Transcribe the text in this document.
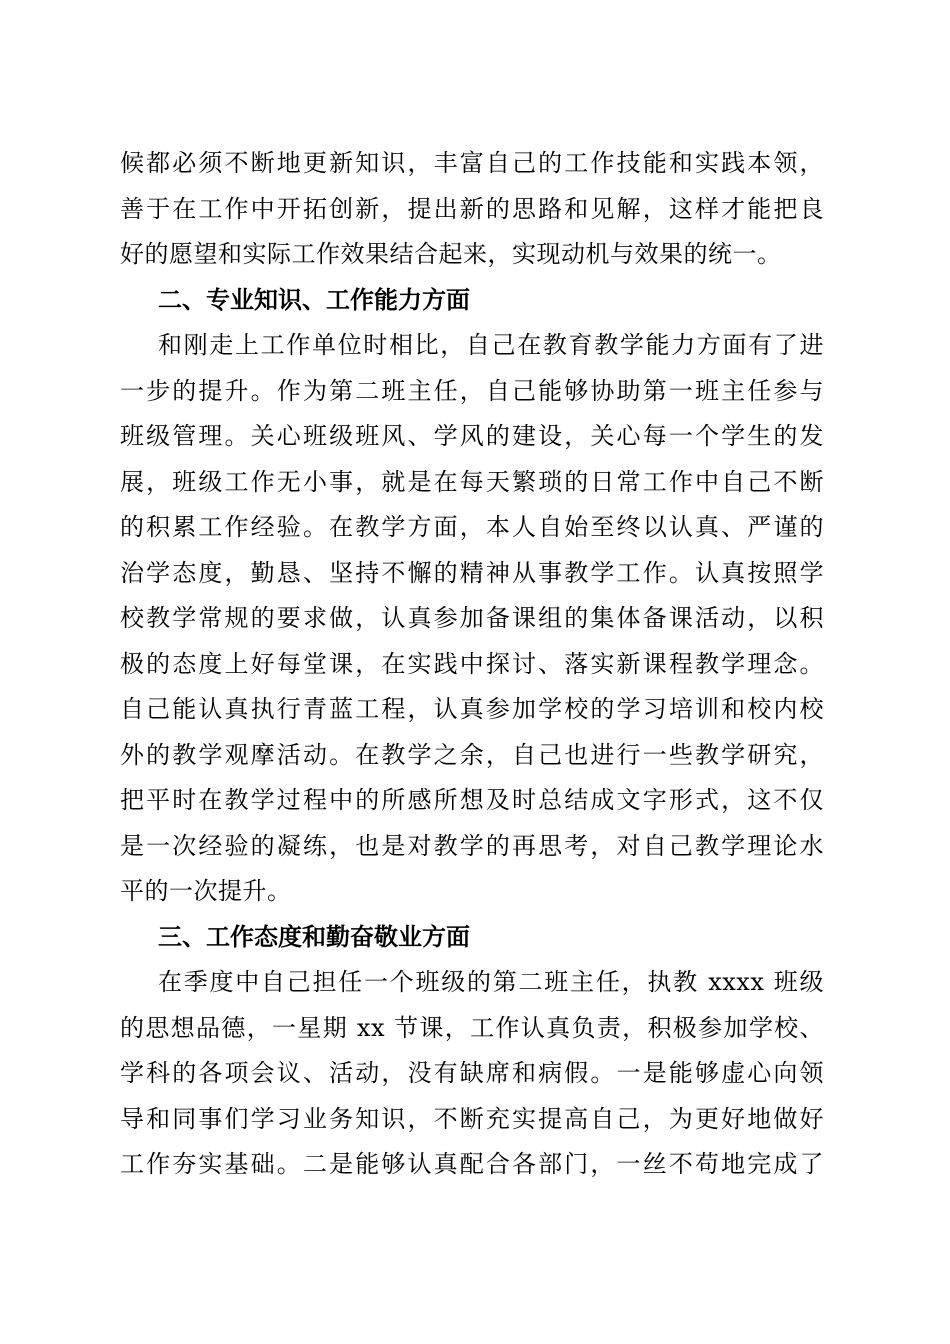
候都必须不断地更新知识，丰富自己的工作技能和实践本领，
善于在工作中开拓创新，提出新的思路和见解，这样才能把良
好的愿望和实际工作效果结合起来，实现动机与效果的统一。
二、专业知识、工作能力方面
和刚走上工作单位时相比，自己在教育教学能力方面有了进
一步的提升。作为第二班主任，自己能够协助第一班主任参与
班级管理。关心班级班风、学风的建设，关心每一个学生的发
展，班级工作无小事，就是在每天繁琐的日常工作中自己不断
的积累工作经验。在教学方面，本人自始至终以认真、严谨的
治学态度，勤恳、坚持不懈的精神从事教学工作。认真按照学
校教学常规的要求做，认真参加备课组的集体备课活动，以积
极的态度上好每堂课，在实践中探讨、落实新课程教学理念。
自己能认真执行青蓝工程，认真参加学校的学习培训和校内校
外的教学观摩活动。在教学之余，自己也进行一些教学研究，
把平时在教学过程中的所感所想及时总结成文字形式，这不仅
是一次经验的凝练，也是对教学的再思考，对自己教学理论水
平的一次提升。
三、工作态度和勤奋敬业方面
在季度中自己担任一个班级的第二班主任，执教 xxxx 班级
的思想品德，一星期 xx 节课，工作认真负责，积极参加学校、
学科的各项会议、活动，没有缺席和病假。一是能够虚心向领
导和同事们学习业务知识，不断充实提高自己，为更好地做好
工作夯实基础。二是能够认真配合各部门，一丝不苟地完成了
